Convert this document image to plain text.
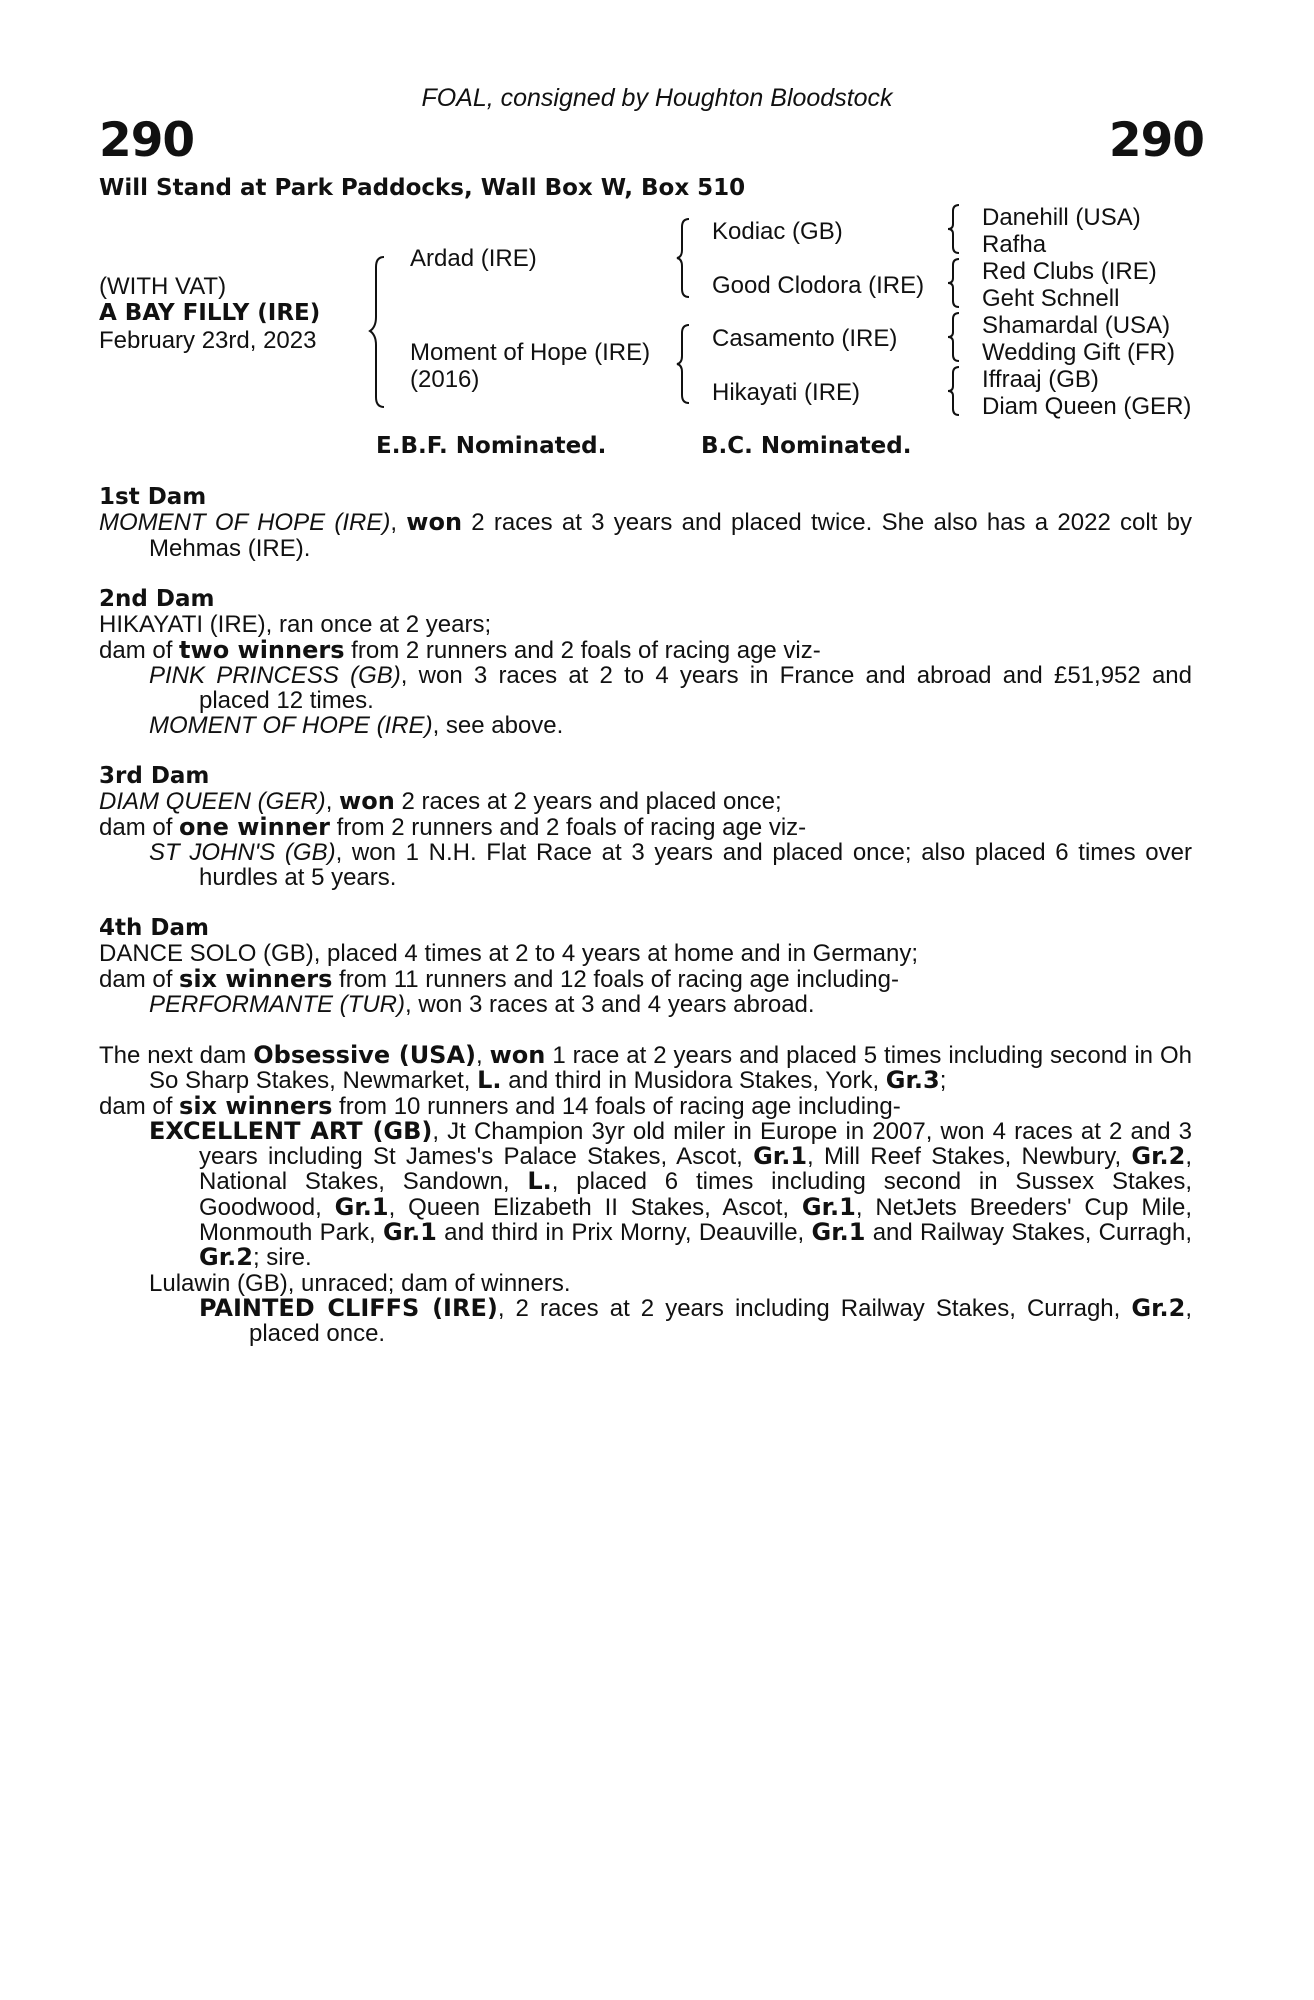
FOAL, consigned by Houghton Bloodstock
290	290
Will Stand at Park Paddocks, Wall Box W, Box 510
(WITH VAT)
A BAY FILLY (IRE)
February 23rd, 2023
Ardad (IRE)
Moment of Hope (IRE)
(2016)
Kodiac (GB)
Good Clodora (IRE)
Casamento (IRE)
Hikayati (IRE)
Danehill (USA)
Rafha
Red Clubs (IRE)
Geht Schnell
Shamardal (USA)
Wedding Gift (FR)
Iffraaj (GB)
Diam Queen (GER)
E.B.F. Nominated.	B.C. Nominated.

1st Dam

MOMENT OF HOPE (IRE), won 2 races at 3 years and placed twice. She also has a 2022 colt by Mehmas (IRE).

2nd Dam

HIKAYATI (IRE), ran once at 2 years;

dam of two winners from 2 runners and 2 foals of racing age viz-

PINK PRINCESS (GB), won 3 races at 2 to 4 years in France and abroad and £51,952 and placed 12 times.

MOMENT OF HOPE (IRE), see above.

3rd Dam

DIAM QUEEN (GER), won 2 races at 2 years and placed once;

dam of one winner from 2 runners and 2 foals of racing age viz-

ST JOHN'S (GB), won 1 N.H. Flat Race at 3 years and placed once; also placed 6 times over hurdles at 5 years.

4th Dam

DANCE SOLO (GB), placed 4 times at 2 to 4 years at home and in Germany;

dam of six winners from 11 runners and 12 foals of racing age including-

PERFORMANTE (TUR), won 3 races at 3 and 4 years abroad.

The next dam Obsessive (USA), won 1 race at 2 years and placed 5 times including second in Oh So Sharp Stakes, Newmarket, L. and third in Musidora Stakes, York, Gr.3;

dam of six winners from 10 runners and 14 foals of racing age including-

EXCELLENT ART (GB), Jt Champion 3yr old miler in Europe in 2007, won 4 races at 2 and 3 years including St James's Palace Stakes, Ascot, Gr.1, Mill Reef Stakes, Newbury, Gr.2, National Stakes, Sandown, L., placed 6 times including second in Sussex Stakes, Goodwood, Gr.1, Queen Elizabeth II Stakes, Ascot, Gr.1, NetJets Breeders' Cup Mile, Monmouth Park, Gr.1 and third in Prix Morny, Deauville, Gr.1 and Railway Stakes, Curragh, Gr.2; sire.

Lulawin (GB), unraced; dam of winners.

PAINTED CLIFFS (IRE), 2 races at 2 years including Railway Stakes, Curragh, Gr.2, placed once.
